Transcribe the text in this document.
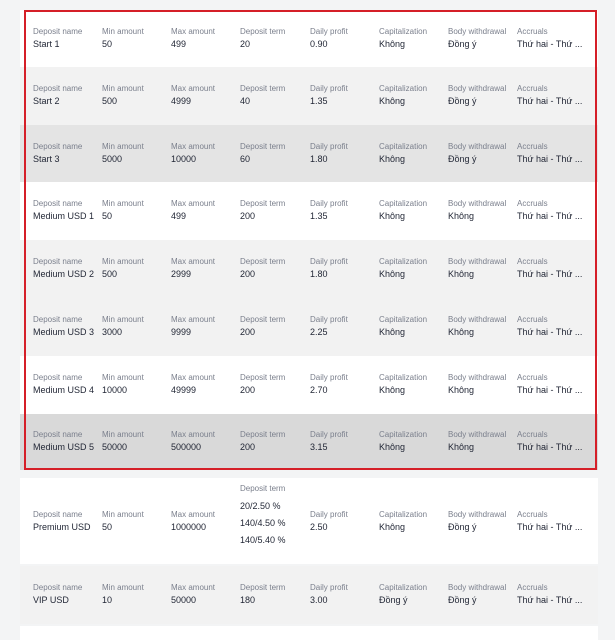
Deposit name
Start 1
Min amount
50
Max amount
499
Deposit term
20
Daily profit
0.90
Capitalization
Không
Body withdrawal
Đồng ý
Accruals
Thứ hai - Thứ ...
Deposit name
Start 2
Min amount
500
Max amount
4999
Deposit term
40
Daily profit
1.35
Capitalization
Không
Body withdrawal
Đồng ý
Accruals
Thứ hai - Thứ ...
Deposit name
Start 3
Min amount
5000
Max amount
10000
Deposit term
60
Daily profit
1.80
Capitalization
Không
Body withdrawal
Đồng ý
Accruals
Thứ hai - Thứ ...
Deposit name
Medium USD 1
Min amount
50
Max amount
499
Deposit term
200
Daily profit
1.35
Capitalization
Không
Body withdrawal
Không
Accruals
Thứ hai - Thứ ...
Deposit name
Medium USD 2
Min amount
500
Max amount
2999
Deposit term
200
Daily profit
1.80
Capitalization
Không
Body withdrawal
Không
Accruals
Thứ hai - Thứ ...
Deposit name
Medium USD 3
Min amount
3000
Max amount
9999
Deposit term
200
Daily profit
2.25
Capitalization
Không
Body withdrawal
Không
Accruals
Thứ hai - Thứ ...
Deposit name
Medium USD 4
Min amount
10000
Max amount
49999
Deposit term
200
Daily profit
2.70
Capitalization
Không
Body withdrawal
Không
Accruals
Thứ hai - Thứ ...
Deposit name
Medium USD 5
Min amount
50000
Max amount
500000
Deposit term
200
Daily profit
3.15
Capitalization
Không
Body withdrawal
Không
Accruals
Thứ hai - Thứ ...
Deposit name
Premium USD
Min amount
50
Max amount
1000000
Deposit term
20/2.50 %
140/4.50 %
140/5.40 %
Daily profit
2.50
Capitalization
Không
Body withdrawal
Đồng ý
Accruals
Thứ hai - Thứ ...
Deposit name
VIP USD
Min amount
10
Max amount
50000
Deposit term
180
Daily profit
3.00
Capitalization
Đồng ý
Body withdrawal
Đồng ý
Accruals
Thứ hai - Thứ ...
